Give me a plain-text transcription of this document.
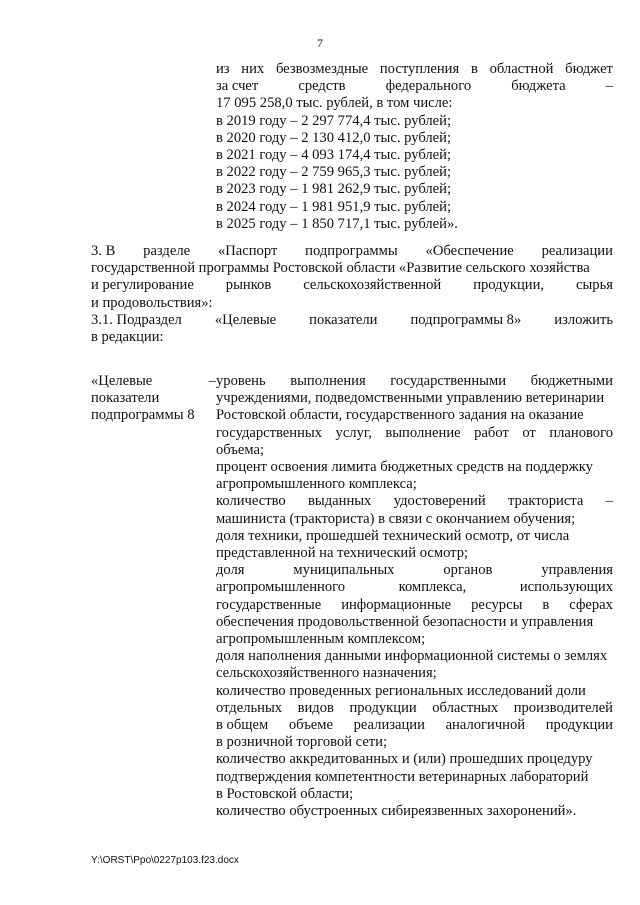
7
из них безвозмездные поступления в областной бюджет
за счет	средств	федерального	бюджета	–
17 095 258,0 тыс. рублей, в том числе:
в 2019 году – 2 297 774,4 тыс. рублей;
в 2020 году – 2 130 412,0 тыс. рублей;
в 2021 году – 4 093 174,4 тыс. рублей;
в 2022 году – 2 759 965,3 тыс. рублей;
в 2023 году – 1 981 262,9 тыс. рублей;
в 2024 году – 1 981 951,9 тыс. рублей;
в 2025 году – 1 850 717,1 тыс. рублей».
3. В разделе «Паспорт подпрограммы «Обеспечение реализации
государственной программы Ростовской области «Развитие сельского хозяйства
и регулирование рынков сельскохозяйственной продукции, сырья
и продовольствия»:
3.1. Подраздел «Целевые показатели подпрограммы 8» изложить
в редакции:
«Целевые	–
показатели
подпрограммы 8
уровень выполнения государственными бюджетными
учреждениями, подведомственными управлению ветеринарии
Ростовской области, государственного задания на оказание
государственных услуг, выполнение работ от планового
объема;
процент освоения лимита бюджетных средств на поддержку
агропромышленного комплекса;
количество выданных удостоверений тракториста –
машиниста (тракториста) в связи с окончанием обучения;
доля техники, прошедшей технический осмотр, от числа
представленной на технический осмотр;
доля	муниципальных	органов	управления
агропромышленного	комплекса,	использующих
государственные информационные ресурсы в сферах
обеспечения продовольственной безопасности и управления
агропромышленным комплексом;
доля наполнения данными информационной системы о землях
сельскохозяйственного назначения;
количество проведенных региональных исследований доли
отдельных видов продукции областных производителей
в общем объеме реализации аналогичной продукции
в розничной торговой сети;
количество аккредитованных и (или) прошедших процедуру
подтверждения компетентности ветеринарных лабораторий
в Ростовской области;
количество обустроенных сибиреязвенных захоронений».
Y:\ORST\Ppo\0227p103.f23.docx
